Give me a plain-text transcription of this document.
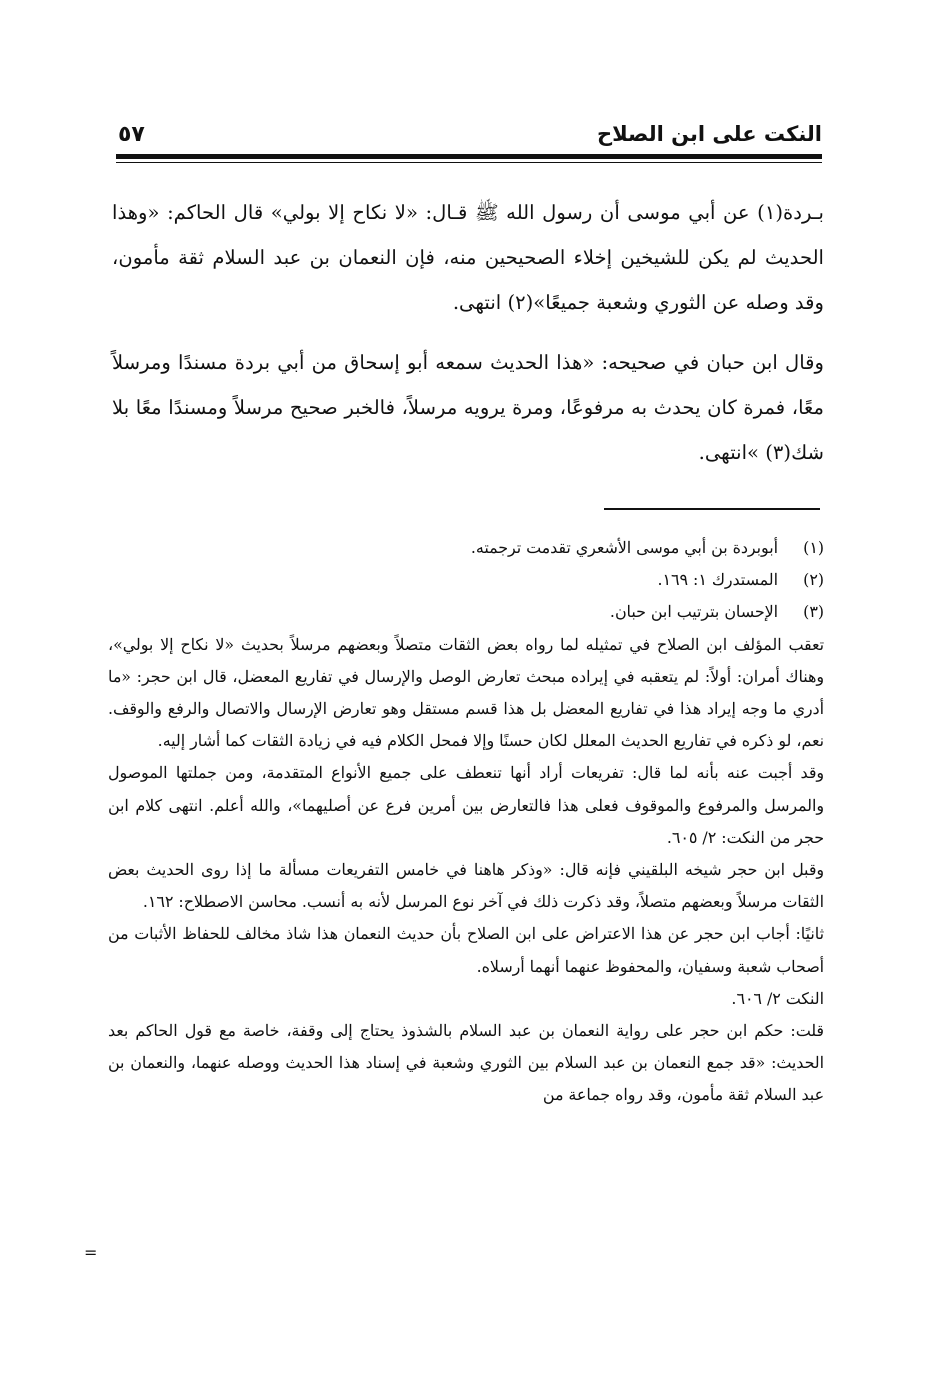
النكت على ابن الصلاح
٥٧

بـردة(١) عن أبي موسى أن رسول الله ﷺ قـال: «لا نكاح إلا بولي» قال الحاكم: «وهذا الحديث لم يكن للشيخين إخلاء الصحيحين منه، فإن النعمان بن عبد السلام ثقة مأمون، وقد وصله عن الثوري وشعبة جميعًا»(٢) انتهى.

وقال ابن حبان في صحيحه: «هذا الحديث سمعه أبو إسحاق من أبي بردة مسندًا ومرسلاً معًا، فمرة كان يحدث به مرفوعًا، ومرة يرويه مرسلاً، فالخبر صحيح مرسلاً ومسندًا معًا بلا شك(٣) »انتهى.

(١)
أبوبردة بن أبي موسى الأشعري تقدمت ترجمته.
(٢)
المستدرك ١: ١٦٩.
(٣)
الإحسان بترتيب ابن حبان.

تعقب المؤلف ابن الصلاح في تمثيله لما رواه بعض الثقات متصلاً وبعضهم مرسلاً بحديث «لا نكاح إلا بولي»، وهناك أمران: أولاً: لم يتعقبه في إيراده مبحث تعارض الوصل والإرسال في تفاريع المعضل، قال ابن حجر: «ما أدري ما وجه إيراد هذا في تفاريع المعضل بل هذا قسم مستقل وهو تعارض الإرسال والاتصال والرفع والوقف. نعم، لو ذكره في تفاريع الحديث المعلل لكان حسنًا وإلا فمحل الكلام فيه في زيادة الثقات كما أشار إليه.

وقد أجبت عنه بأنه لما قال: تفريعات أراد أنها تنعطف على جميع الأنواع المتقدمة، ومن جملتها الموصول والمرسل والمرفوع والموقوف فعلى هذا فالتعارض بين أمرين فرع عن أصليهما»، والله أعلم. انتهى كلام ابن حجر من النكت: ٢/ ٦٠٥.

وقبل ابن حجر شيخه البلقيني فإنه قال: «وذكر هاهنا في خامس التفريعات مسألة ما إذا روى الحديث بعض الثقات مرسلاً وبعضهم متصلاً، وقد ذكرت ذلك في آخر نوع المرسل لأنه به أنسب. محاسن الاصطلاح: ١٦٢.

ثانيًا: أجاب ابن حجر عن هذا الاعتراض على ابن الصلاح بأن حديث النعمان هذا شاذ مخالف للحفاظ الأثبات من أصحاب شعبة وسفيان، والمحفوظ عنهما أنهما أرسلاه.

النكت ٢/ ٦٠٦.

قلت: حكم ابن حجر على رواية النعمان بن عبد السلام بالشذوذ يحتاج إلى وقفة، خاصة مع قول الحاكم بعد الحديث: «قد جمع النعمان بن عبد السلام بين الثوري وشعبة في إسناد هذا الحديث ووصله عنهما، والنعمان بن عبد السلام ثقة مأمون، وقد رواه جماعة من

=
